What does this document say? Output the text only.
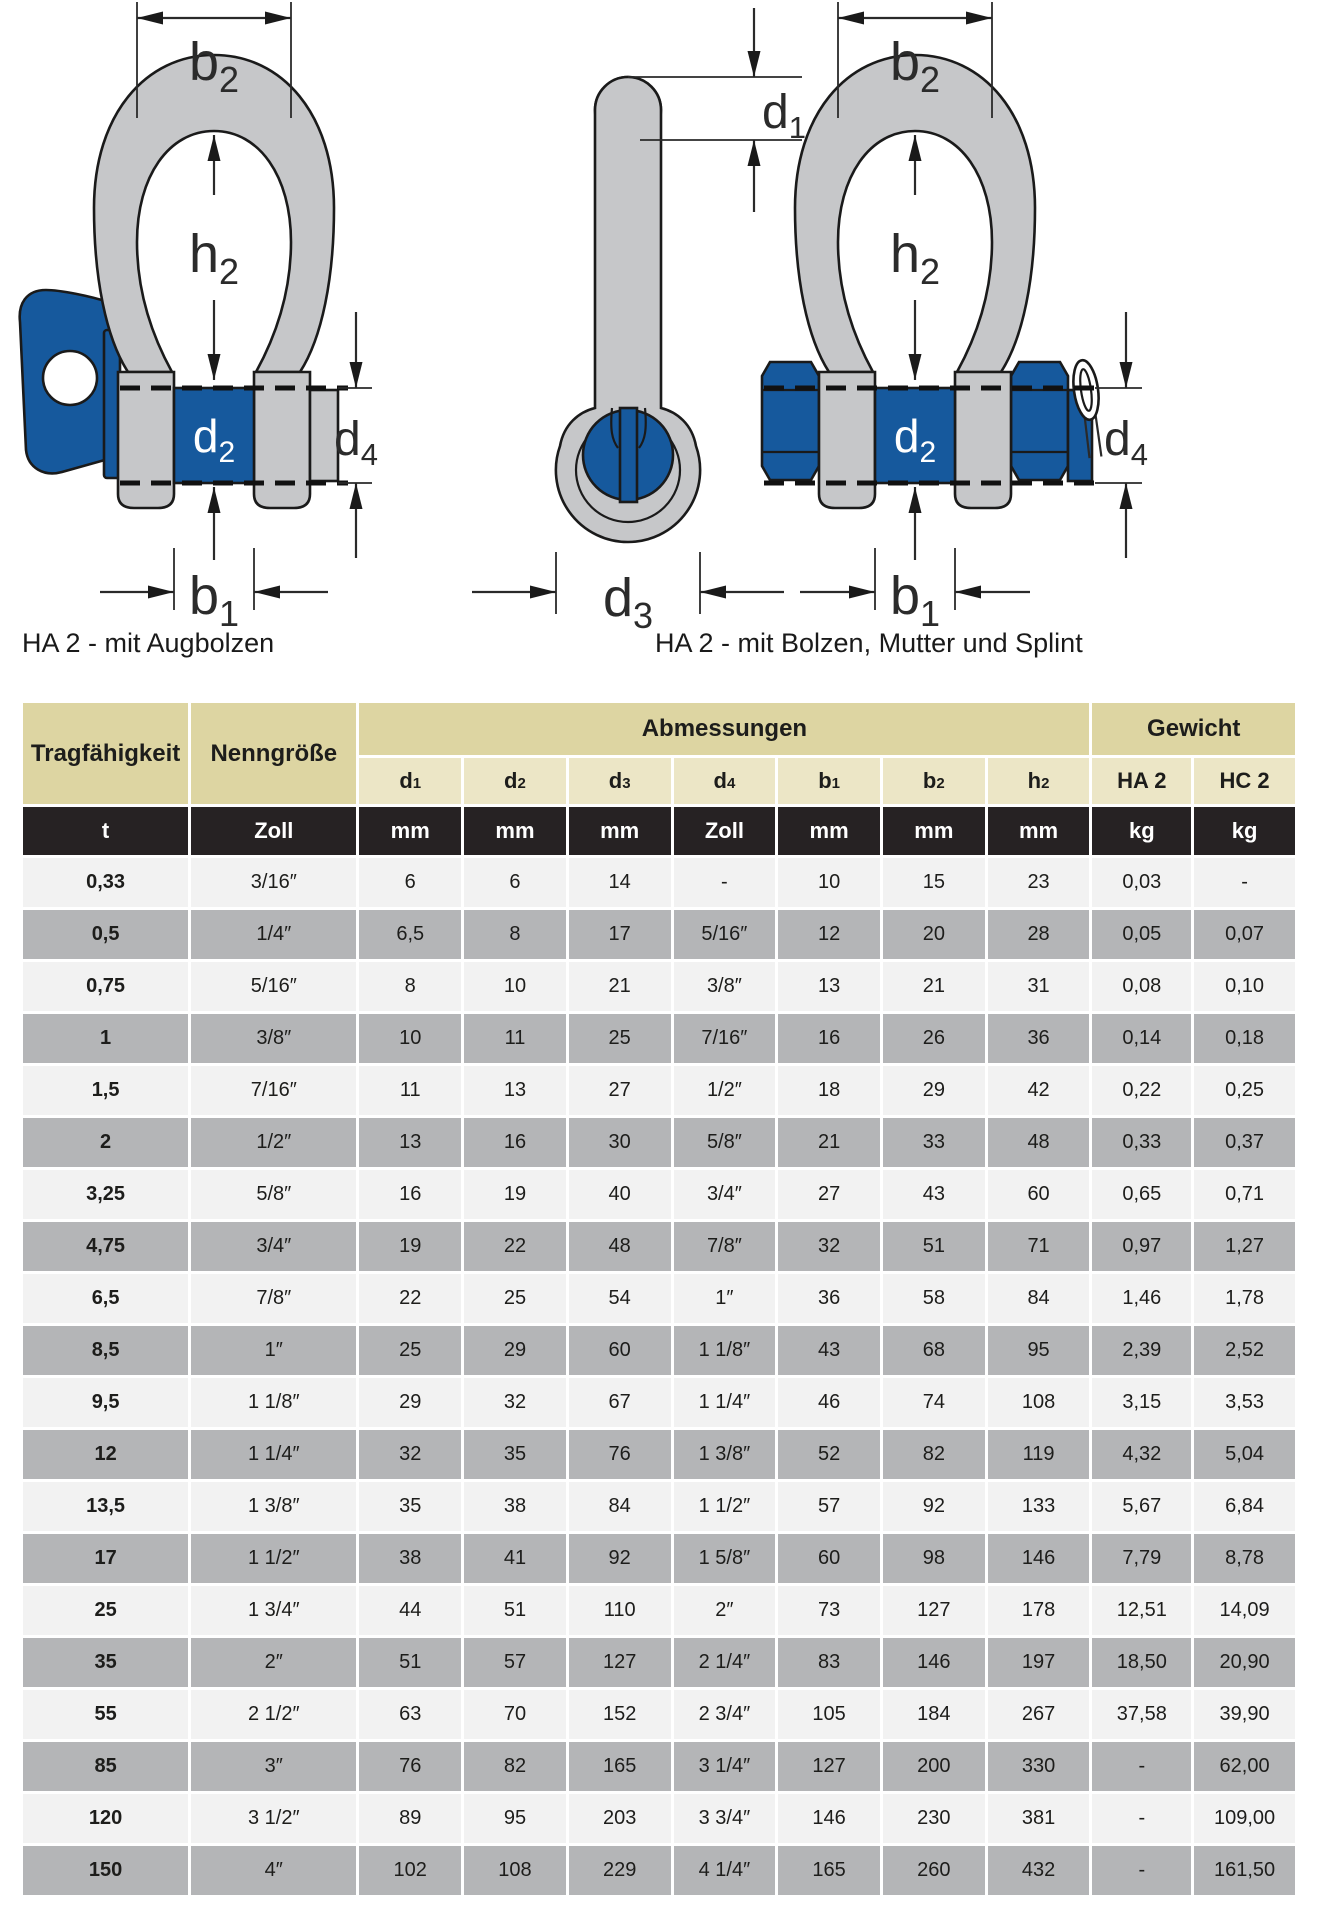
$b_2$
$h_2$
$d_2$ $d_4$
$b_1$
$d_1$
$d_3$
$b_2$
$h_2$
$d_2$	$d_4$
$b_1$
HA 2 - mit Augbolzen	HA 2 - mit Bolzen, Mutter und Splint
Tragfähigkeit	Nenngröße	Abmessungen							Gewicht	
		d1	d2	d3	d4	b1	b2	h2	HA 2	HC 2
t	Zoll	mm	mm	mm	Zoll	mm	mm	mm	kg	kg
0,33	3/16″	6	6	14	-	10	15	23	0,03	-
0,5	1/4″	6,5	8	17	5/16″	12	20	28	0,05	0,07
0,75	5/16″	8	10	21	3/8″	13	21	31	0,08	0,10
1	3/8″	10	11	25	7/16″	16	26	36	0,14	0,18
1,5	7/16″	11	13	27	1/2″	18	29	42	0,22	0,25
2	1/2″	13	16	30	5/8″	21	33	48	0,33	0,37
3,25	5/8″	16	19	40	3/4″	27	43	60	0,65	0,71
4,75	3/4″	19	22	48	7/8″	32	51	71	0,97	1,27
6,5	7/8″	22	25	54	1″	36	58	84	1,46	1,78
8,5	1″	25	29	60	1 1/8″	43	68	95	2,39	2,52
9,5	1 1/8″	29	32	67	1 1/4″	46	74	108	3,15	3,53
12	1 1/4″	32	35	76	1 3/8″	52	82	119	4,32	5,04
13,5	1 3/8″	35	38	84	1 1/2″	57	92	133	5,67	6,84
17	1 1/2″	38	41	92	1 5/8″	60	98	146	7,79	8,78
25	1 3/4″	44	51	110	2″	73	127	178	12,51	14,09
35	2″	51	57	127	2 1/4″	83	146	197	18,50	20,90
55	2 1/2″	63	70	152	2 3/4″	105	184	267	37,58	39,90
85	3″	76	82	165	3 1/4″	127	200	330	-	62,00
120	3 1/2″	89	95	203	3 3/4″	146	230	381	-	109,00
150	4″	102	108	229	4 1/4″	165	260	432	-	161,50
